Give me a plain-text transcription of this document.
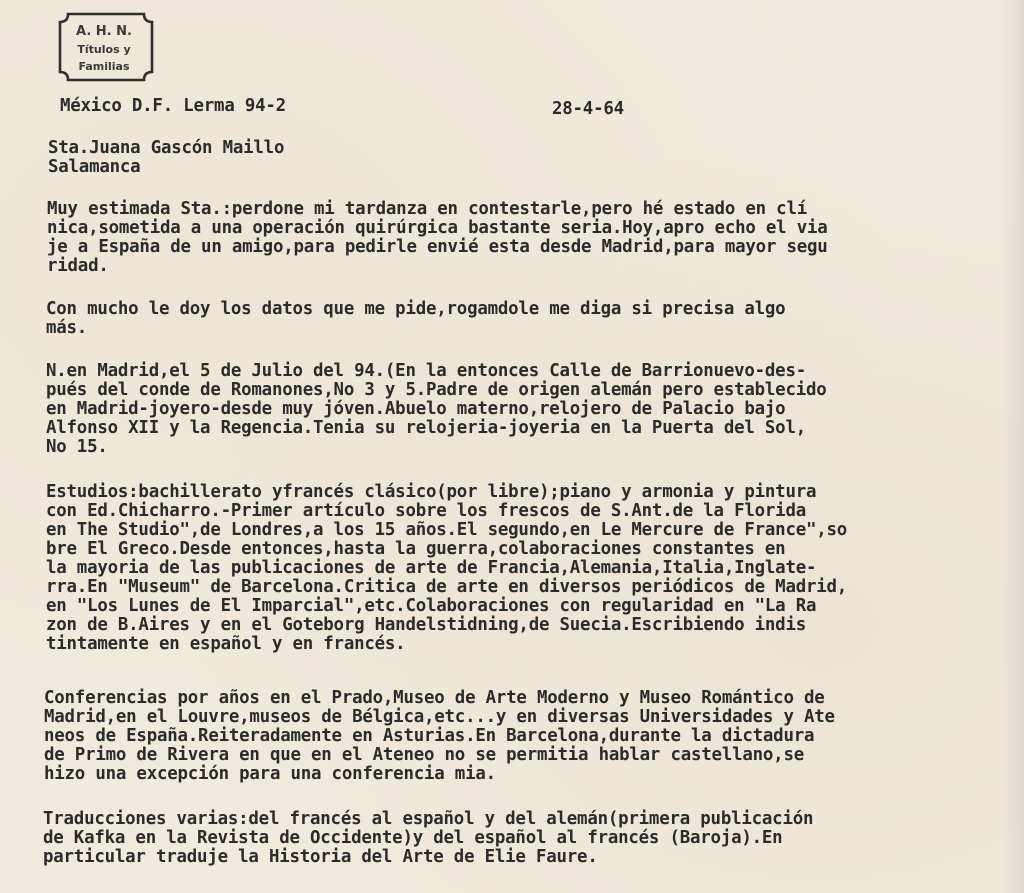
A. H. N.
Títulos y
Familias
México D.F. Lerma 94-2	28-4-64
Sta.Juana Gascón Maillo
Salamanca
Muy estimada Sta.:perdone mi tardanza en contestarle,pero hé estado en clí
nica,sometida a una operación quirúrgica bastante seria.Hoy,apro echo el via
je a España de un amigo,para pedirle envié esta desde Madrid,para mayor segu
ridad.
Con mucho le doy los datos que me pide,rogamdole me diga si precisa algo
más.
N.en Madrid,el 5 de Julio del 94.(En la entonces Calle de Barrionuevo-des-
pués del conde de Romanones,No 3 y 5.Padre de origen alemán pero establecido
en Madrid-joyero-desde muy jóven.Abuelo materno,relojero de Palacio bajo
Alfonso XII y la Regencia.Tenia su relojeria-joyeria en la Puerta del Sol,
No 15.
Estudios:bachillerato yfrancés clásico(por libre);piano y armonia y pintura
con Ed.Chicharro.-Primer artículo sobre los frescos de S.Ant.de la Florida
en The Studio",de Londres,a los 15 años.El segundo,en Le Mercure de France",so
bre El Greco.Desde entonces,hasta la guerra,colaboraciones constantes en
la mayoria de las publicaciones de arte de Francia,Alemania,Italia,Inglate-
rra.En "Museum" de Barcelona.Critica de arte en diversos periódicos de Madrid,
en "Los Lunes de El Imparcial",etc.Colaboraciones con regularidad en "La Ra
zon de B.Aires y en el Goteborg Handelstidning,de Suecia.Escribiendo indis
tintamente en español y en francés.
Conferencias por años en el Prado,Museo de Arte Moderno y Museo Romántico de
Madrid,en el Louvre,museos de Bélgica,etc...y en diversas Universidades y Ate
neos de España.Reiteradamente en Asturias.En Barcelona,durante la dictadura
de Primo de Rivera en que en el Ateneo no se permitia hablar castellano,se
hizo una excepción para una conferencia mia.
Traducciones varias:del francés al español y del alemán(primera publicación
de Kafka en la Revista de Occidente)y del español al francés (Baroja).En
particular traduje la Historia del Arte de Elie Faure.
